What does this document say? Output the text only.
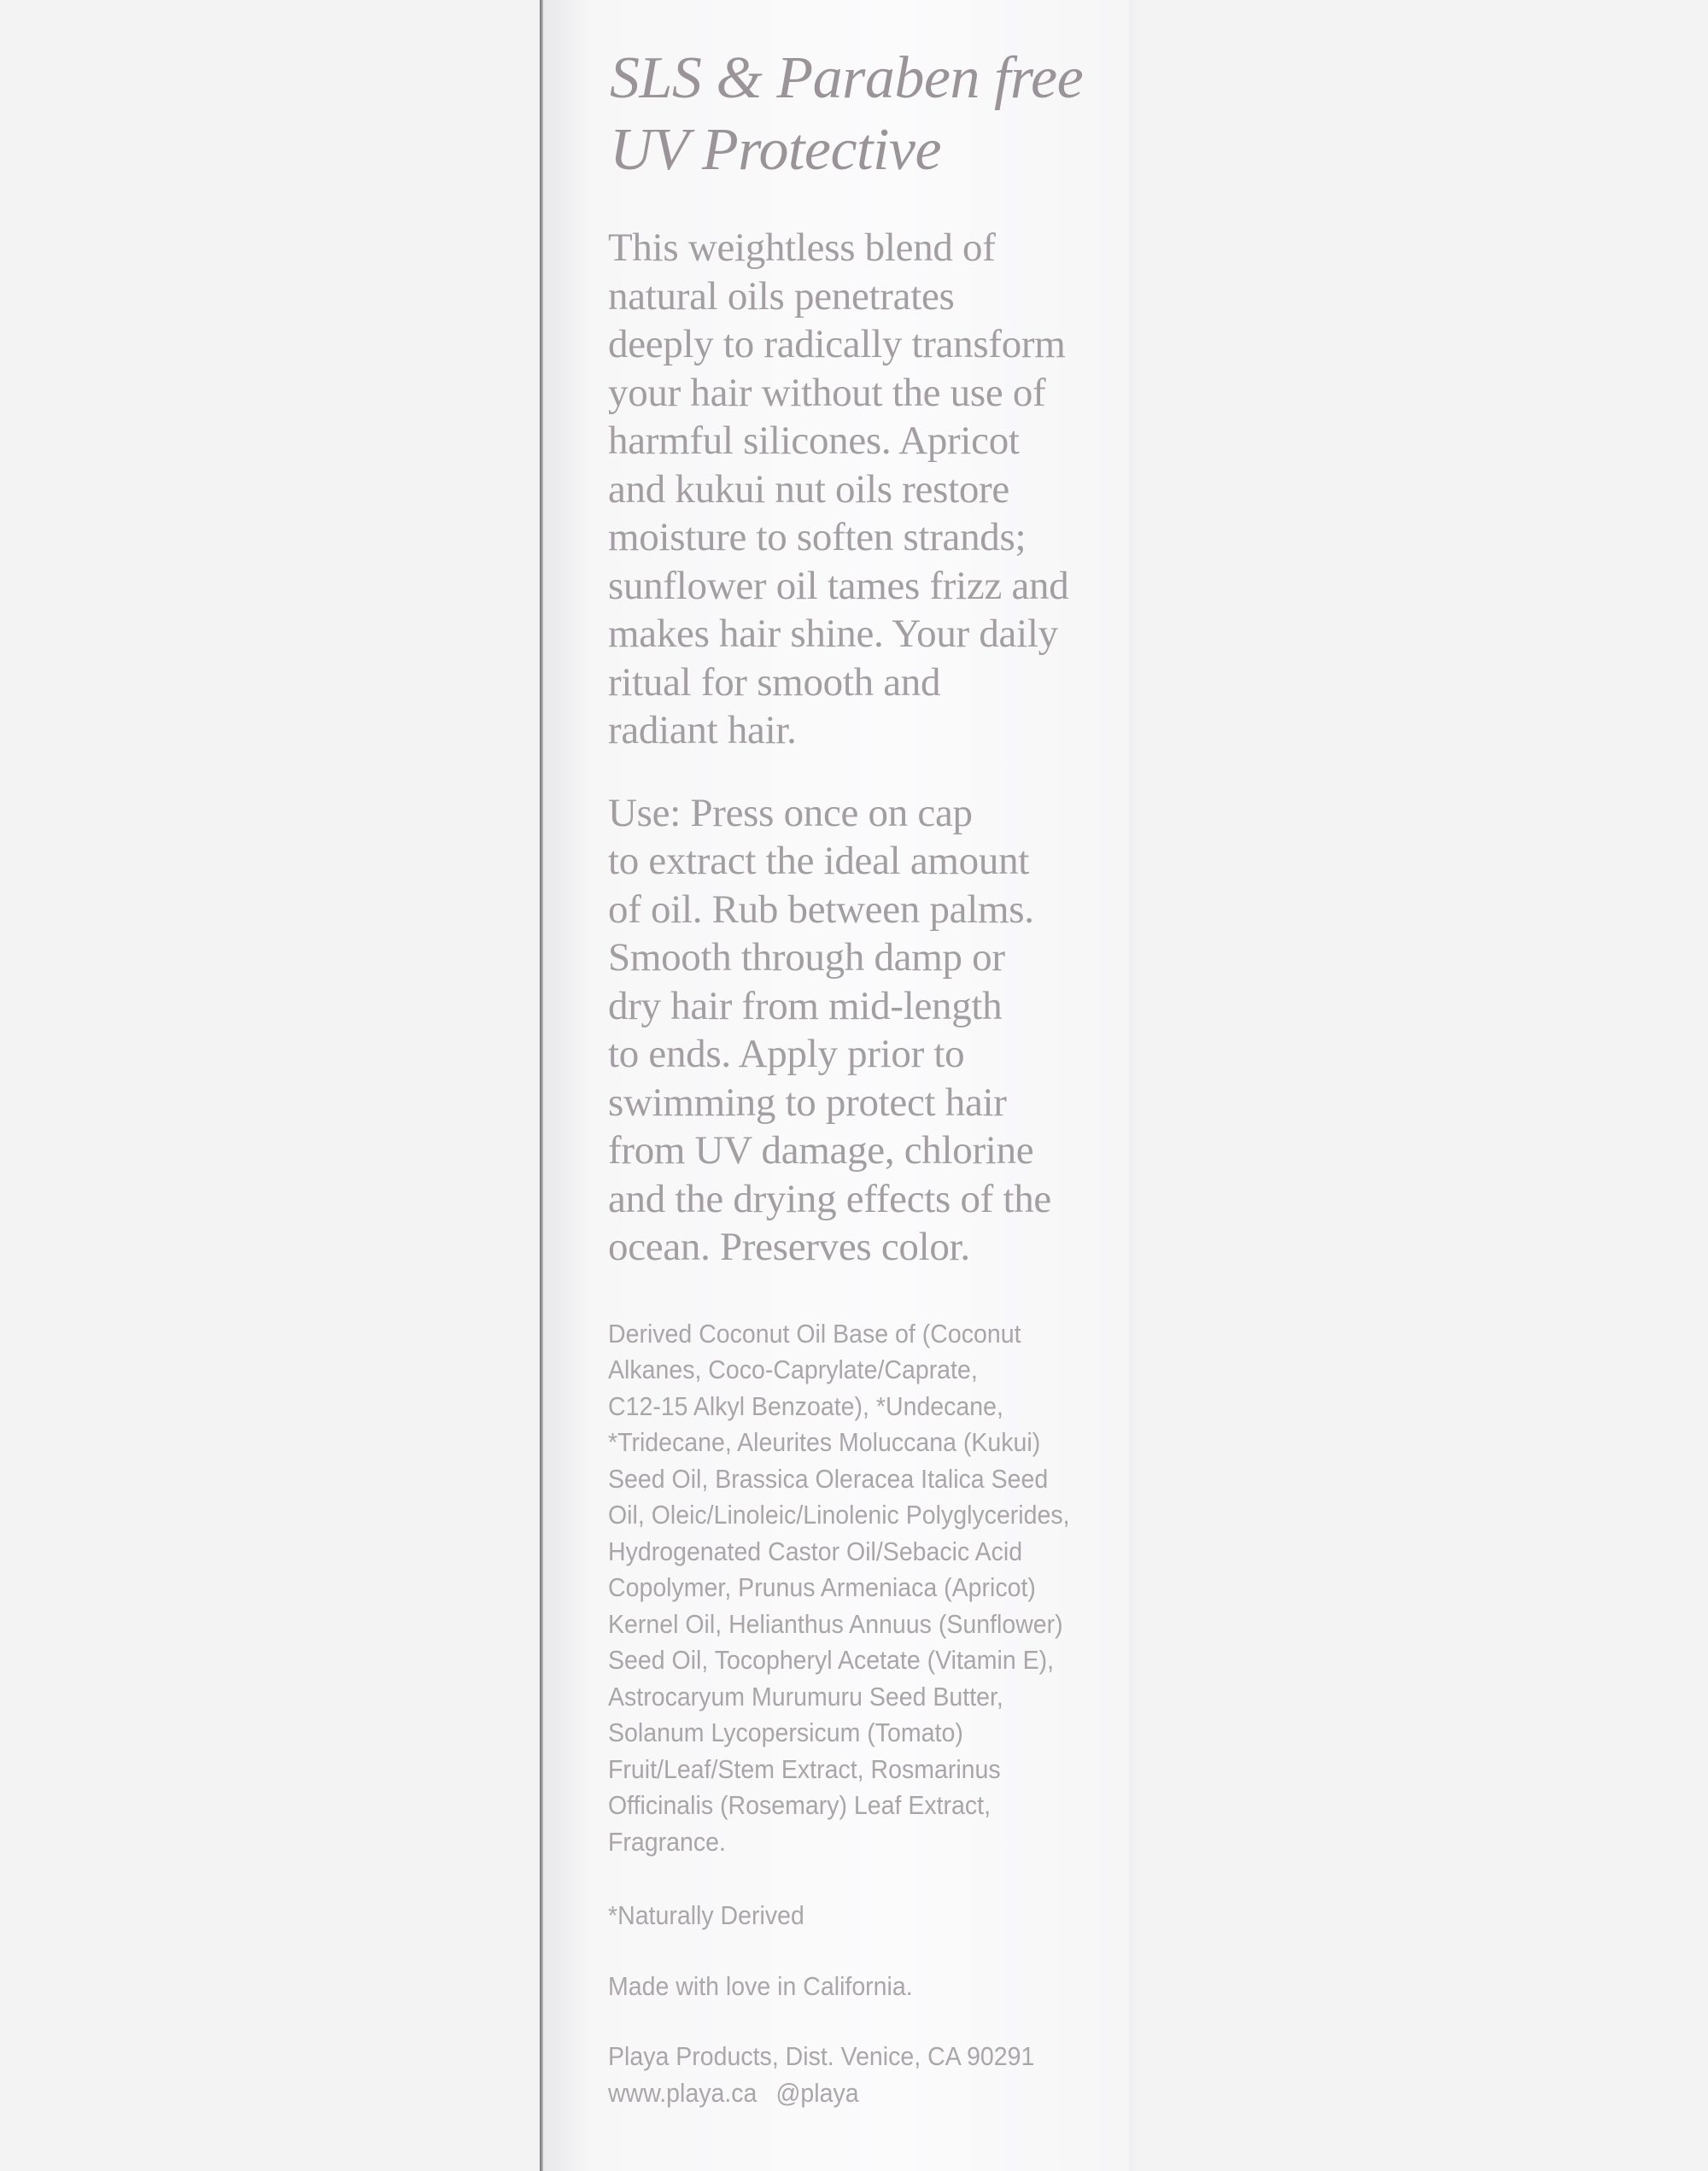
SLS & Paraben free
UV Protective
This weightless blend of
natural oils penetrates
deeply to radically transform
your hair without the use of
harmful silicones. Apricot
and kukui nut oils restore
moisture to soften strands;
sunflower oil tames frizz and
makes hair shine. Your daily
ritual for smooth and
radiant hair.
Use: Press once on cap
to extract the ideal amount
of oil. Rub between palms.
Smooth through damp or
dry hair from mid-length
to ends. Apply prior to
swimming to protect hair
from UV damage, chlorine
and the drying effects of the
ocean. Preserves color.
Derived Coconut Oil Base of (Coconut
Alkanes, Coco-Caprylate/Caprate,
C12-15 Alkyl Benzoate), *Undecane,
*Tridecane, Aleurites Moluccana (Kukui)
Seed Oil, Brassica Oleracea Italica Seed
Oil, Oleic/Linoleic/Linolenic Polyglycerides,
Hydrogenated Castor Oil/Sebacic Acid
Copolymer, Prunus Armeniaca (Apricot)
Kernel Oil, Helianthus Annuus (Sunflower)
Seed Oil, Tocopheryl Acetate (Vitamin E),
Astrocaryum Murumuru Seed Butter,
Solanum Lycopersicum (Tomato)
Fruit/Leaf/Stem Extract, Rosmarinus
Officinalis (Rosemary) Leaf Extract,
Fragrance.
*Naturally Derived
Made with love in California.
Playa Products, Dist. Venice, CA 90291
www.playa.ca @playa
